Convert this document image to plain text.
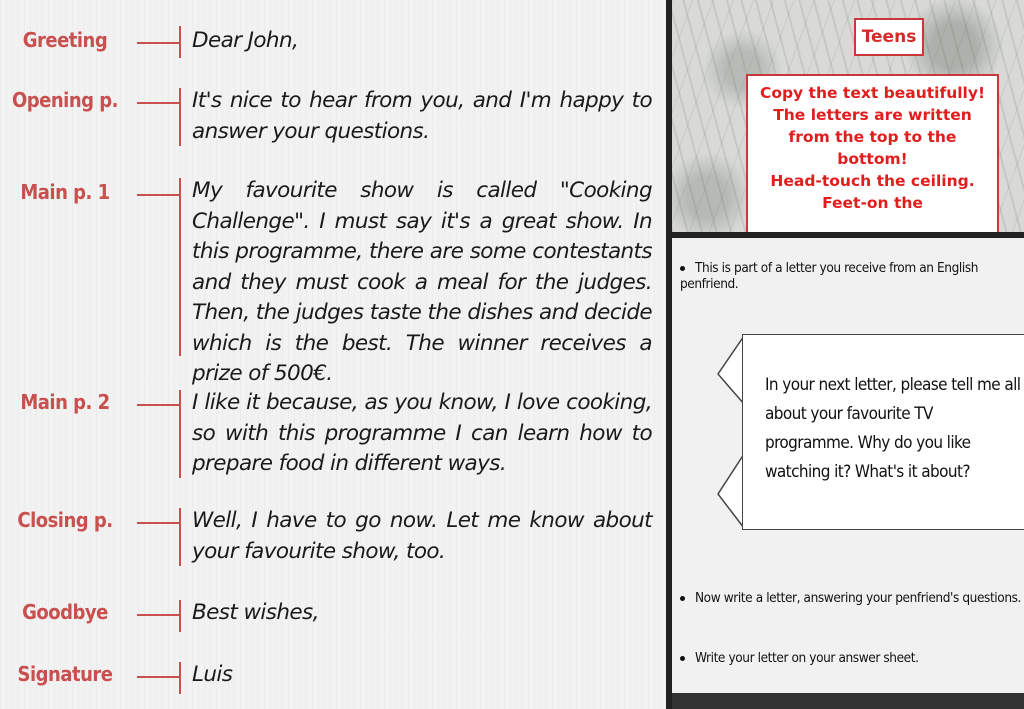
Greeting	Dear John,
Opening p.	It's nice to hear from you, and I'm happy to answer your questions.
Main p. 1	My favourite show is called "Cooking Challenge". I must say it's a great show. In this programme, there are some contestants and they must cook a meal for the judges. Then, the judges taste the dishes and decide which is the best. The winner receives a prize of 500€.
Main p. 2	I like it because, as you know, I love cooking, so with this programme I can learn how to prepare food in different ways.
Closing p.	Well, I have to go now. Let me know about your favourite show, too.
Goodbye	Best wishes,
Signature	Luis
Teens
Copy the text beautifully!
The letters are written from the top to the bottom!
Head-touch the ceiling. Feet-on the
This is part of a letter you receive from an English penfriend.
In your next letter, please tell me all about your favourite TV programme. Why do you like watching it? What's it about?
Now write a letter, answering your penfriend's questions.
Write your letter on your answer sheet.
